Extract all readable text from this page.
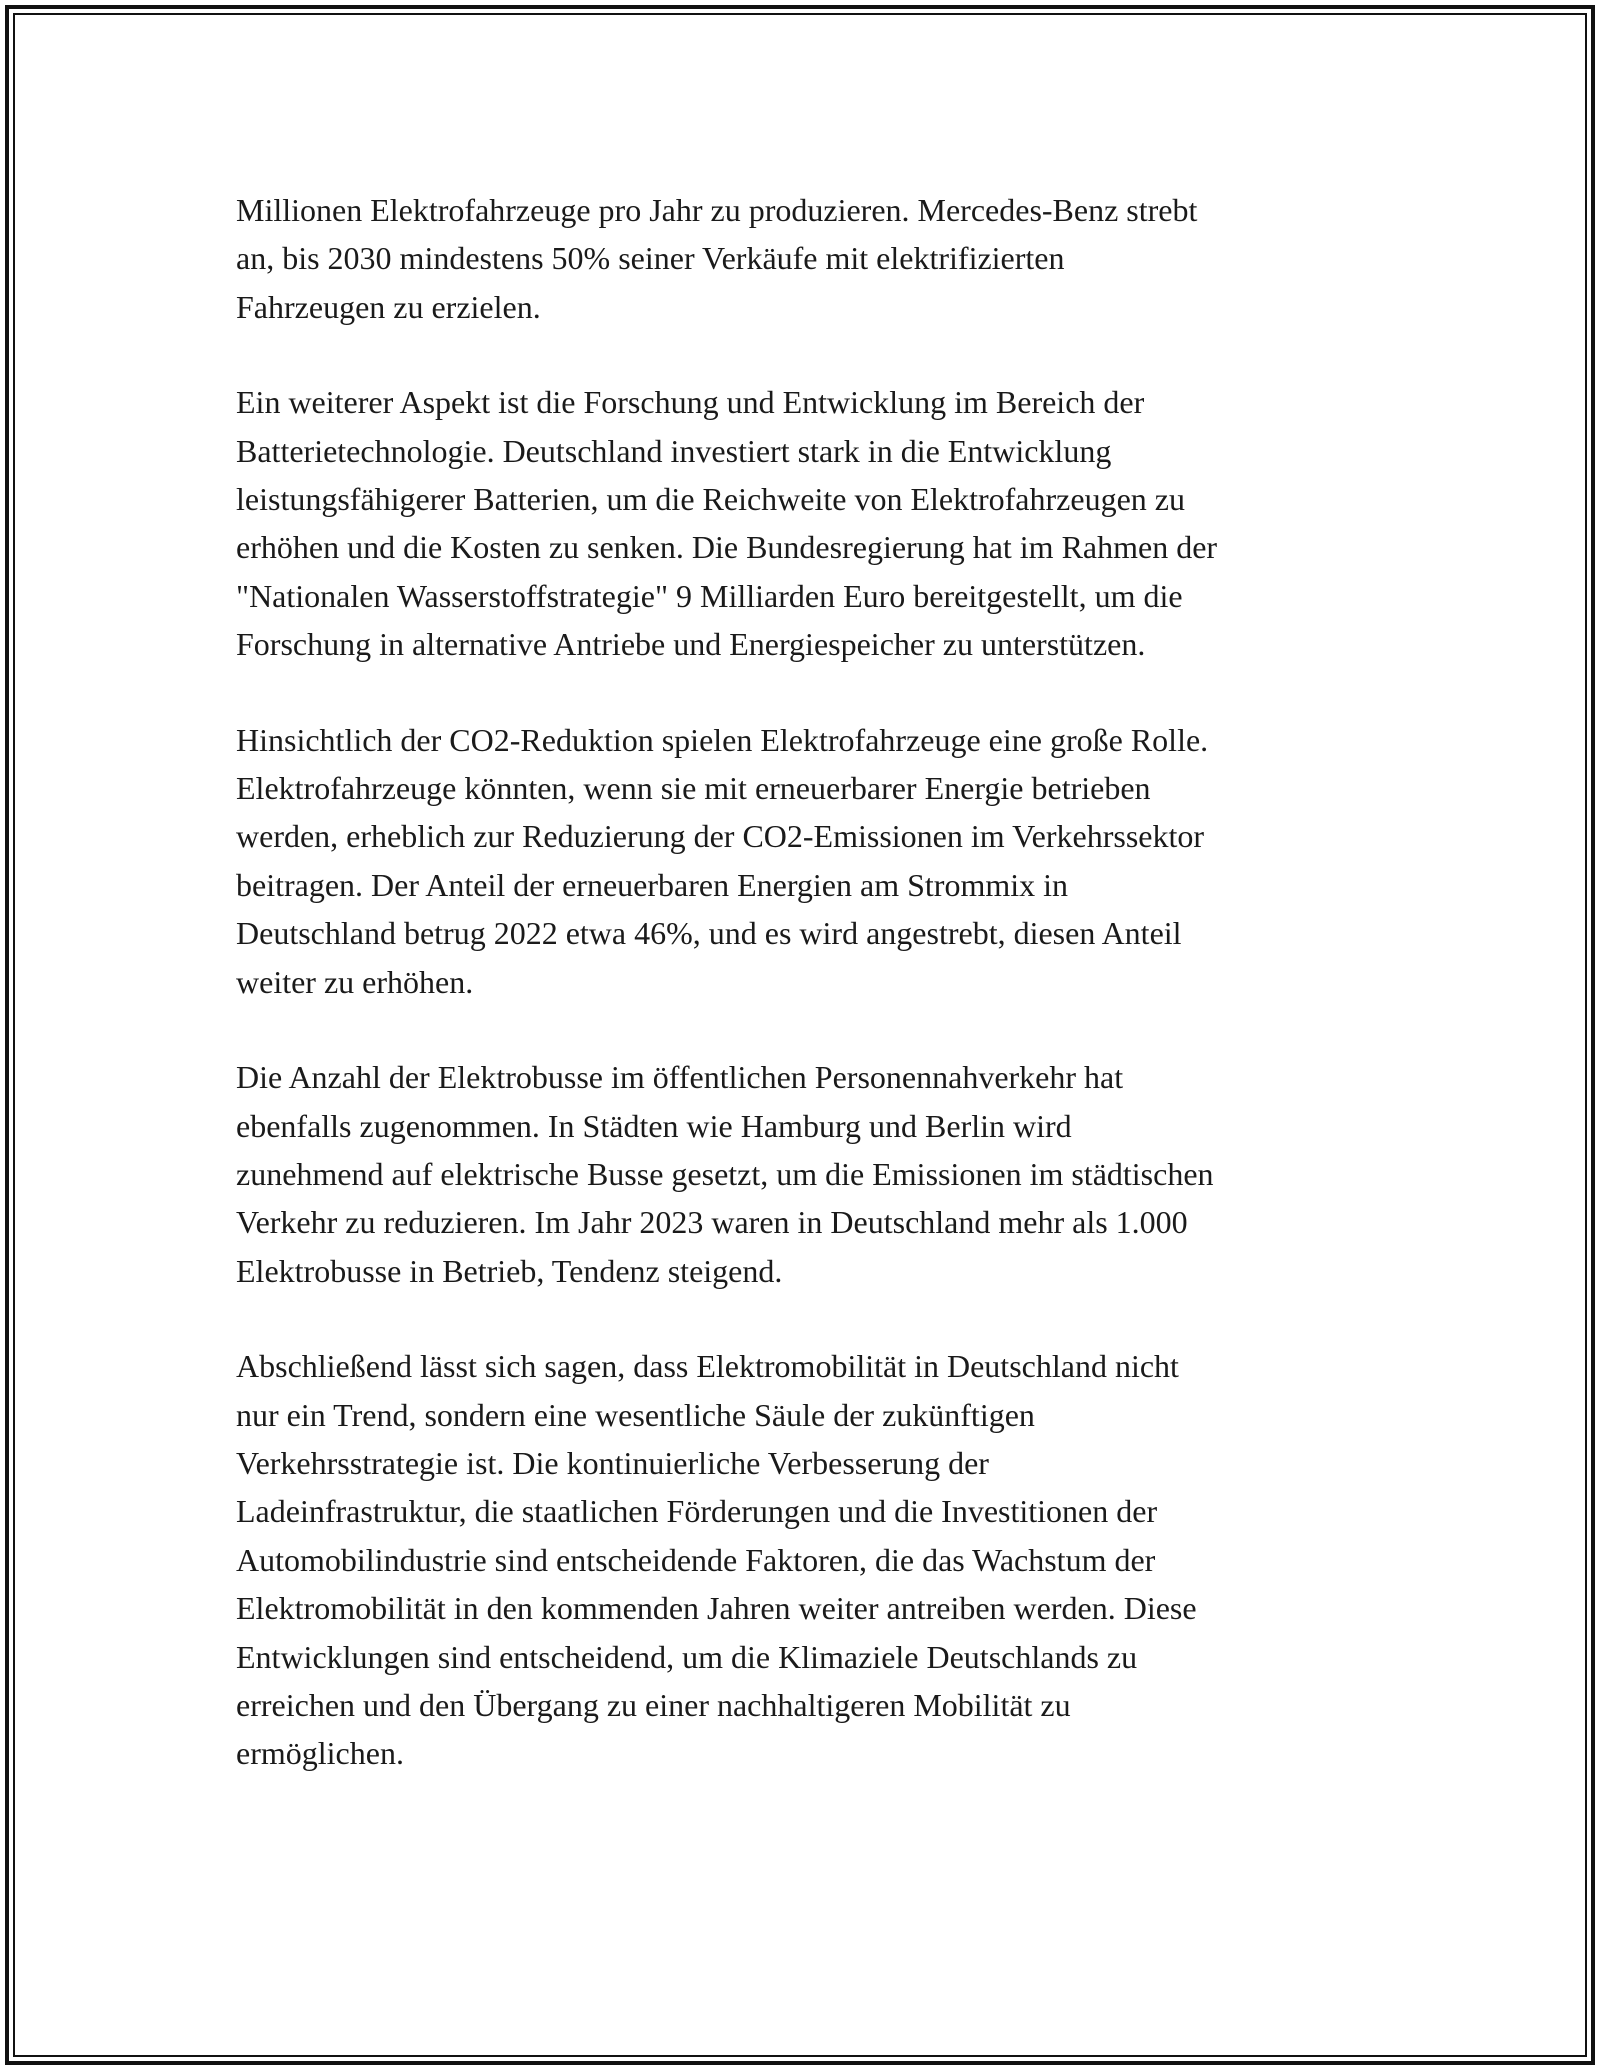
Millionen Elektrofahrzeuge pro Jahr zu produzieren. Mercedes-Benz strebt
an, bis 2030 mindestens 50% seiner Verkäufe mit elektrifizierten
Fahrzeugen zu erzielen.

Ein weiterer Aspekt ist die Forschung und Entwicklung im Bereich der
Batterietechnologie. Deutschland investiert stark in die Entwicklung
leistungsfähigerer Batterien, um die Reichweite von Elektrofahrzeugen zu
erhöhen und die Kosten zu senken. Die Bundesregierung hat im Rahmen der
"Nationalen Wasserstoffstrategie" 9 Milliarden Euro bereitgestellt, um die
Forschung in alternative Antriebe und Energiespeicher zu unterstützen.

Hinsichtlich der CO2-Reduktion spielen Elektrofahrzeuge eine große Rolle.
Elektrofahrzeuge könnten, wenn sie mit erneuerbarer Energie betrieben
werden, erheblich zur Reduzierung der CO2-Emissionen im Verkehrssektor
beitragen. Der Anteil der erneuerbaren Energien am Strommix in
Deutschland betrug 2022 etwa 46%, und es wird angestrebt, diesen Anteil
weiter zu erhöhen.

Die Anzahl der Elektrobusse im öffentlichen Personennahverkehr hat
ebenfalls zugenommen. In Städten wie Hamburg und Berlin wird
zunehmend auf elektrische Busse gesetzt, um die Emissionen im städtischen
Verkehr zu reduzieren. Im Jahr 2023 waren in Deutschland mehr als 1.000
Elektrobusse in Betrieb, Tendenz steigend.

Abschließend lässt sich sagen, dass Elektromobilität in Deutschland nicht
nur ein Trend, sondern eine wesentliche Säule der zukünftigen
Verkehrsstrategie ist. Die kontinuierliche Verbesserung der
Ladeinfrastruktur, die staatlichen Förderungen und die Investitionen der
Automobilindustrie sind entscheidende Faktoren, die das Wachstum der
Elektromobilität in den kommenden Jahren weiter antreiben werden. Diese
Entwicklungen sind entscheidend, um die Klimaziele Deutschlands zu
erreichen und den Übergang zu einer nachhaltigeren Mobilität zu
ermöglichen.
